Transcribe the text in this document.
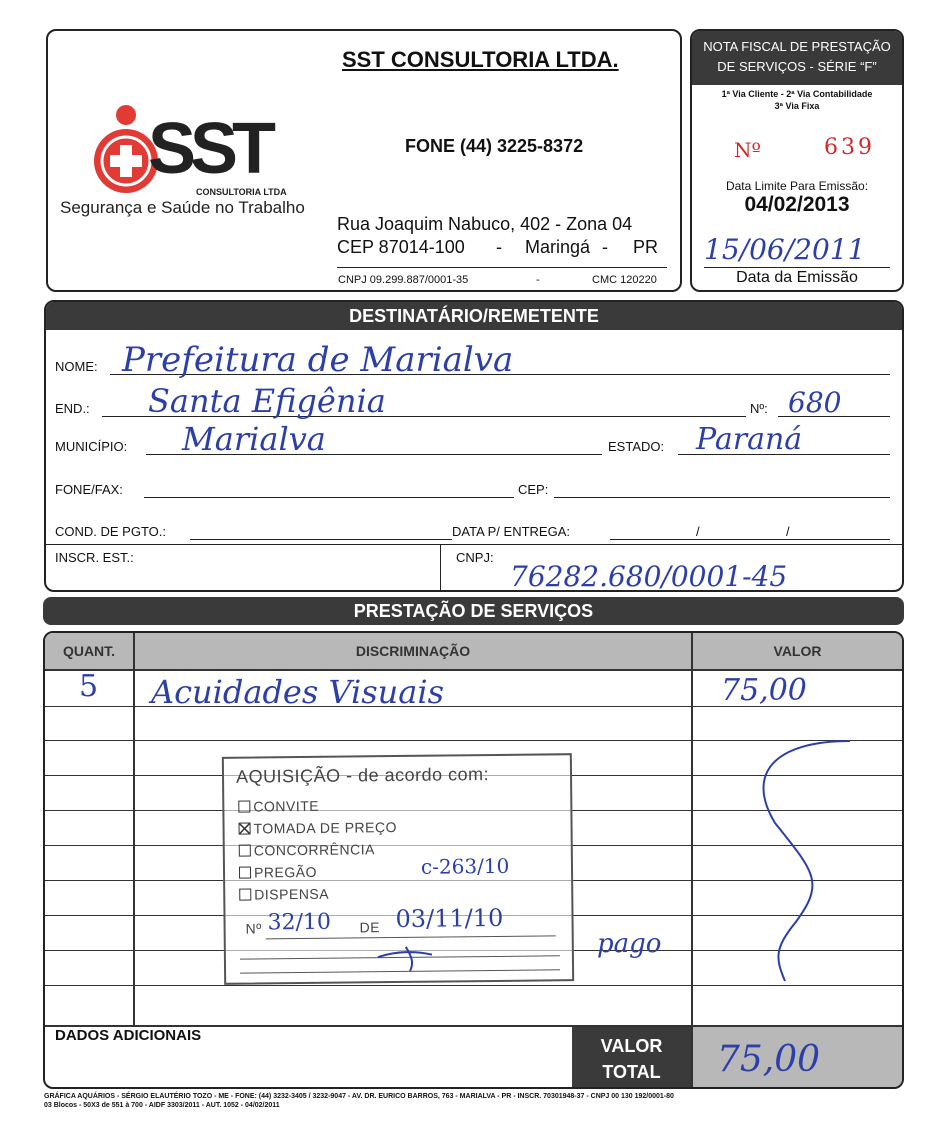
SST
CONSULTORIA LTDA
Segurança e Saúde no Trabalho
SST CONSULTORIA LTDA.
FONE (44) 3225-8372
Rua Joaquim Nabuco, 402 - Zona 04
CEP 87014-100 - Maringá - PR
CNPJ 09.299.887/0001-35	-	CMC 120220
NOTA FISCAL DE PRESTAÇÃO
DE SERVIÇOS - SÉRIE “F”
1ª Via Cliente - 2ª Via Contabilidade
3ª Via Fixa
Nº	639
Data Limite Para Emissão:
04/02/2013
15/06/2011
Data da Emissão
DESTINATÁRIO/REMETENTE
NOME: Prefeitura de Marialva
END.: Santa Efigênia	Nº: 680
MUNICÍPIO: Marialva	ESTADO: Paraná
FONE/FAX:	CEP:
COND. DE PGTO.:	DATA P/ ENTREGA:	/	/
INSCR. EST.:	CNPJ:
76282.680/0001-45
PRESTAÇÃO DE SERVIÇOS
QUANT.	DISCRIMINAÇÃO	VALOR
5 Acuidades Visuais	75,00
pago
DADOS ADICIONAIS
VALOR
TOTAL	75,00
AQUISIÇÃO - de acordo com:
CONVITE
TOMADA DE PREÇO
CONCORRÊNCIA
PREGÃO	c-263/10
DISPENSA
Nº 32/10 DE 03/11/10
GRÁFICA AQUÁRIOS - SÉRGIO ELAUTÉRIO TOZO - ME - FONE: (44) 3232-3405 / 3232-9047 - AV. DR. EURICO BARROS, 763 - MARIALVA - PR - INSCR. 70301948-37 - CNPJ 00 130 192/0001-80
03 Blocos - 50X3 de 551 à 700 - AIDF 3303/2011 - AUT. 1052 - 04/02/2011
